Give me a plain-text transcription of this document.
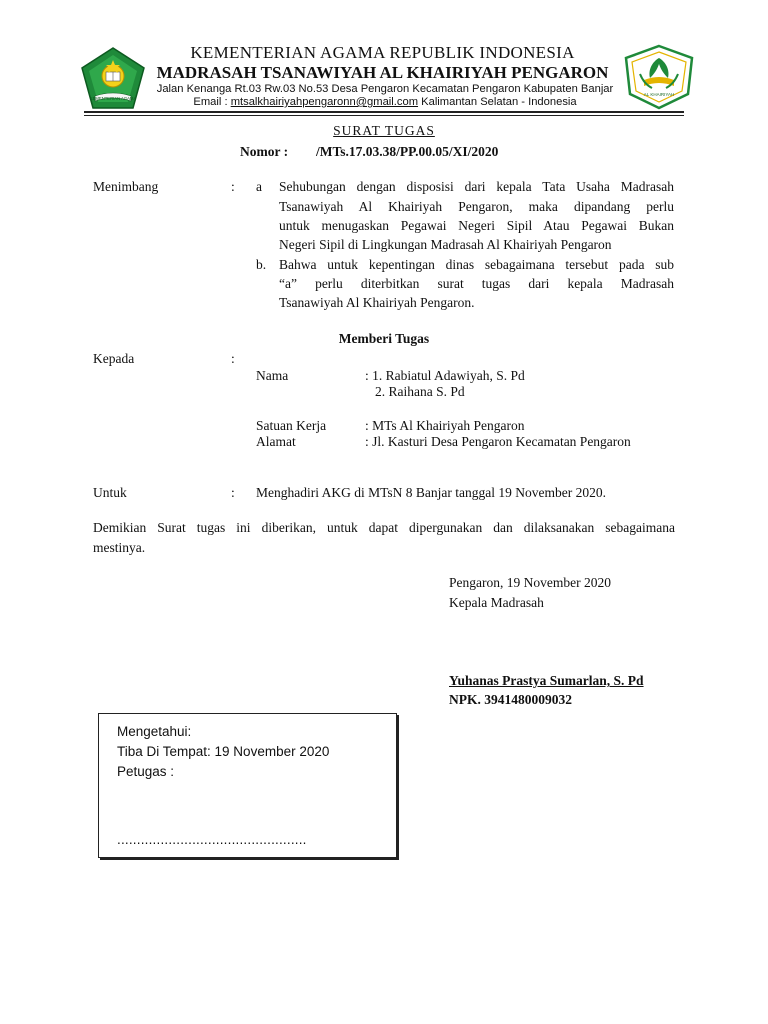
KEMENTERIAN AGAMA
AL KHAIRIYAH
KEMENTERIAN AGAMA REPUBLIK INDONESIA
MADRASAH TSANAWIYAH AL KHAIRIYAH PENGARON
Jalan Kenanga Rt.03 Rw.03 No.53 Desa Pengaron Kecamatan Pengaron Kabupaten Banjar
Email : mtsalkhairiyahpengaronn@gmail.com Kalimantan Selatan - Indonesia
SURAT TUGAS
Nomor : /MTs.17.03.38/PP.00.05/XI/2020
Menimbang	: a Sehubungan dengan disposisi dari kepala Tata Usaha Madrasah
Tsanawiyah Al Khairiyah Pengaron, maka dipandang perlu
untuk menugaskan Pegawai Negeri Sipil Atau Pegawai Bukan
Negeri Sipil di Lingkungan Madrasah Al Khairiyah Pengaron
b. Bahwa untuk kepentingan dinas sebagaimana tersebut pada sub
“a” perlu diterbitkan surat tugas dari kepala Madrasah
Tsanawiyah Al Khairiyah Pengaron.
Memberi Tugas
Kepada	:
Nama	: 1. Rabiatul Adawiyah, S. Pd
2. Raihana S. Pd
Satuan Kerja	: MTs Al Khairiyah Pengaron
Alamat	: Jl. Kasturi Desa Pengaron Kecamatan Pengaron
Untuk	: Menghadiri AKG di MTsN 8 Banjar tanggal 19 November 2020.
Demikian Surat tugas ini diberikan, untuk dapat dipergunakan dan dilaksanakan sebagaimana
mestinya.
Pengaron, 19 November 2020
Kepala Madrasah
Yuhanas Prastya Sumarlan, S. Pd
NPK. 3941480009032
Mengetahui:
Tiba Di Tempat: 19 November 2020
Petugas :
................................................
